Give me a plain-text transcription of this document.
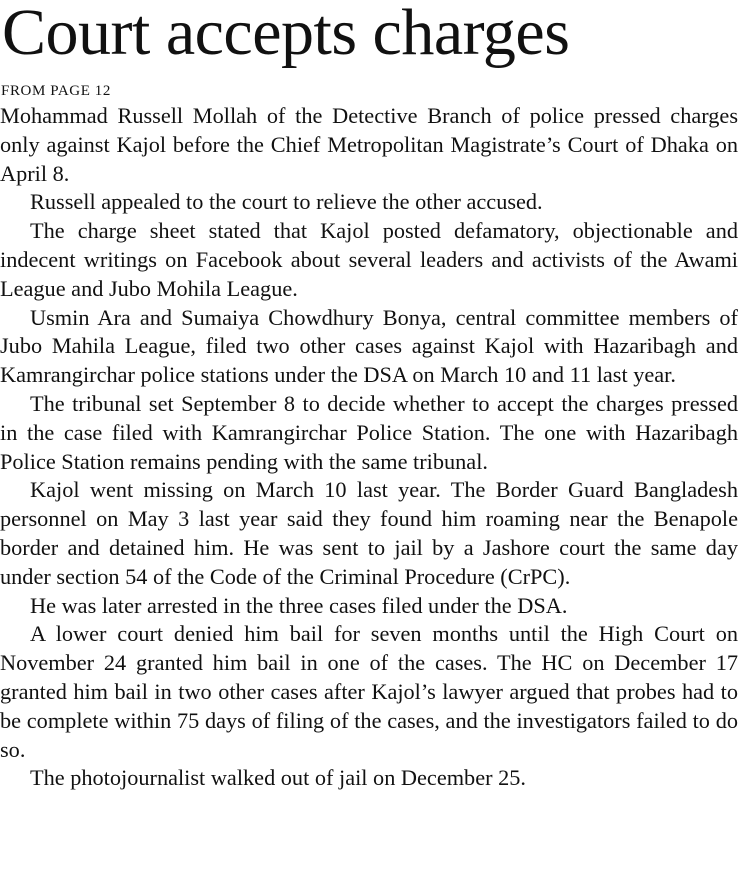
Court accepts charges
FROM PAGE 12

Mohammad Russell Mollah of the Detective Branch of police pressed charges only against Kajol before the Chief Metropolitan Magistrate’s Court of Dhaka on April 8.

Russell appealed to the court to relieve the other accused.

The charge sheet stated that Kajol posted defamatory, objectionable and indecent writings on Facebook about several leaders and activists of the Awami League and Jubo Mohila League.

Usmin Ara and Sumaiya Chowdhury Bonya, central committee members of Jubo Mahila League, filed two other cases against Kajol with Hazaribagh and Kamrangirchar police stations under the DSA on March 10 and 11 last year.

The tribunal set September 8 to decide whether to accept the charges pressed in the case filed with Kamrangirchar Police Station. The one with Hazaribagh Police Station remains pending with the same tribunal.

Kajol went missing on March 10 last year. The Border Guard Bangladesh personnel on May 3 last year said they found him roaming near the Benapole border and detained him. He was sent to jail by a Jashore court the same day under section 54 of the Code of the Criminal Procedure (CrPC).

He was later arrested in the three cases filed under the DSA.

A lower court denied him bail for seven months until the High Court on November 24 granted him bail in one of the cases. The HC on December 17 granted him bail in two other cases after Kajol’s lawyer argued that probes had to be complete within 75 days of filing of the cases, and the investigators failed to do so.

The photojournalist walked out of jail on December 25.
